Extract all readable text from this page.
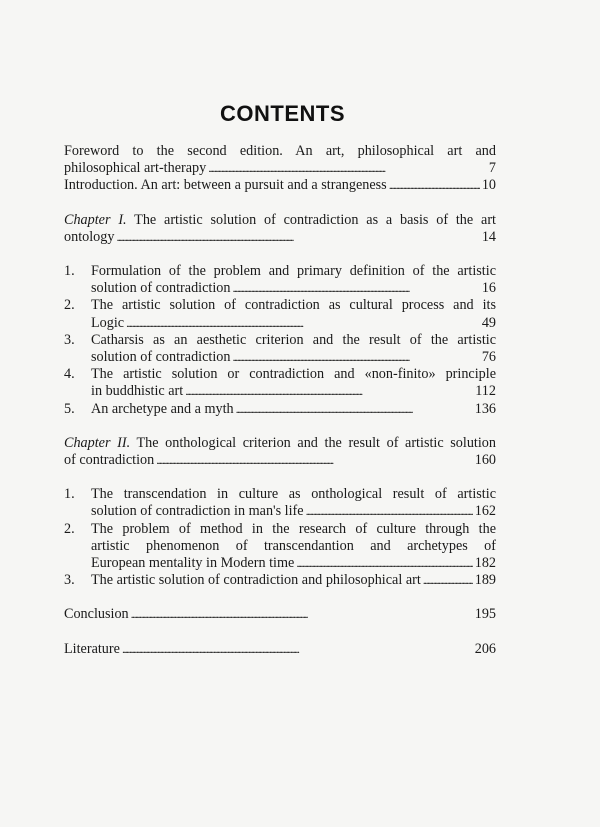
CONTENTS
Foreword to the second edition. An art, philosophical art and
philosophical art-therapy . . .	7
Introduction. An art: between a pursuit and a strangeness . . .	10
Chapter I. The artistic solution of contradiction as a basis of the art
ontology . . .	14
1.	Formulation of the problem and primary definition of the artistic
solution of contradiction . . .	16
2.	The artistic solution of contradiction as cultural process and its
Logic . . .	49
3.	Catharsis as an aesthetic criterion and the result of the artistic
solution of contradiction . . .	76
4.	The artistic solution or contradiction and «non-finito» principle
in buddhistic art . . .	112
5.	An archetype and a myth . . .	136
Chapter II. The onthological criterion and the result of artistic solution
of contradiction . . .	160
1.	The transcendation in culture as onthological result of artistic
solution of contradiction in man's life . . .	162
2.	The problem of method in the research of culture through the
artistic phenomenon of transcendantion and archetypes of
European mentality in Modern time . . .	182
3.	The artistic solution of contradiction and philosophical art . . .	189
Conclusion . . .	195
Literature . . .	206
